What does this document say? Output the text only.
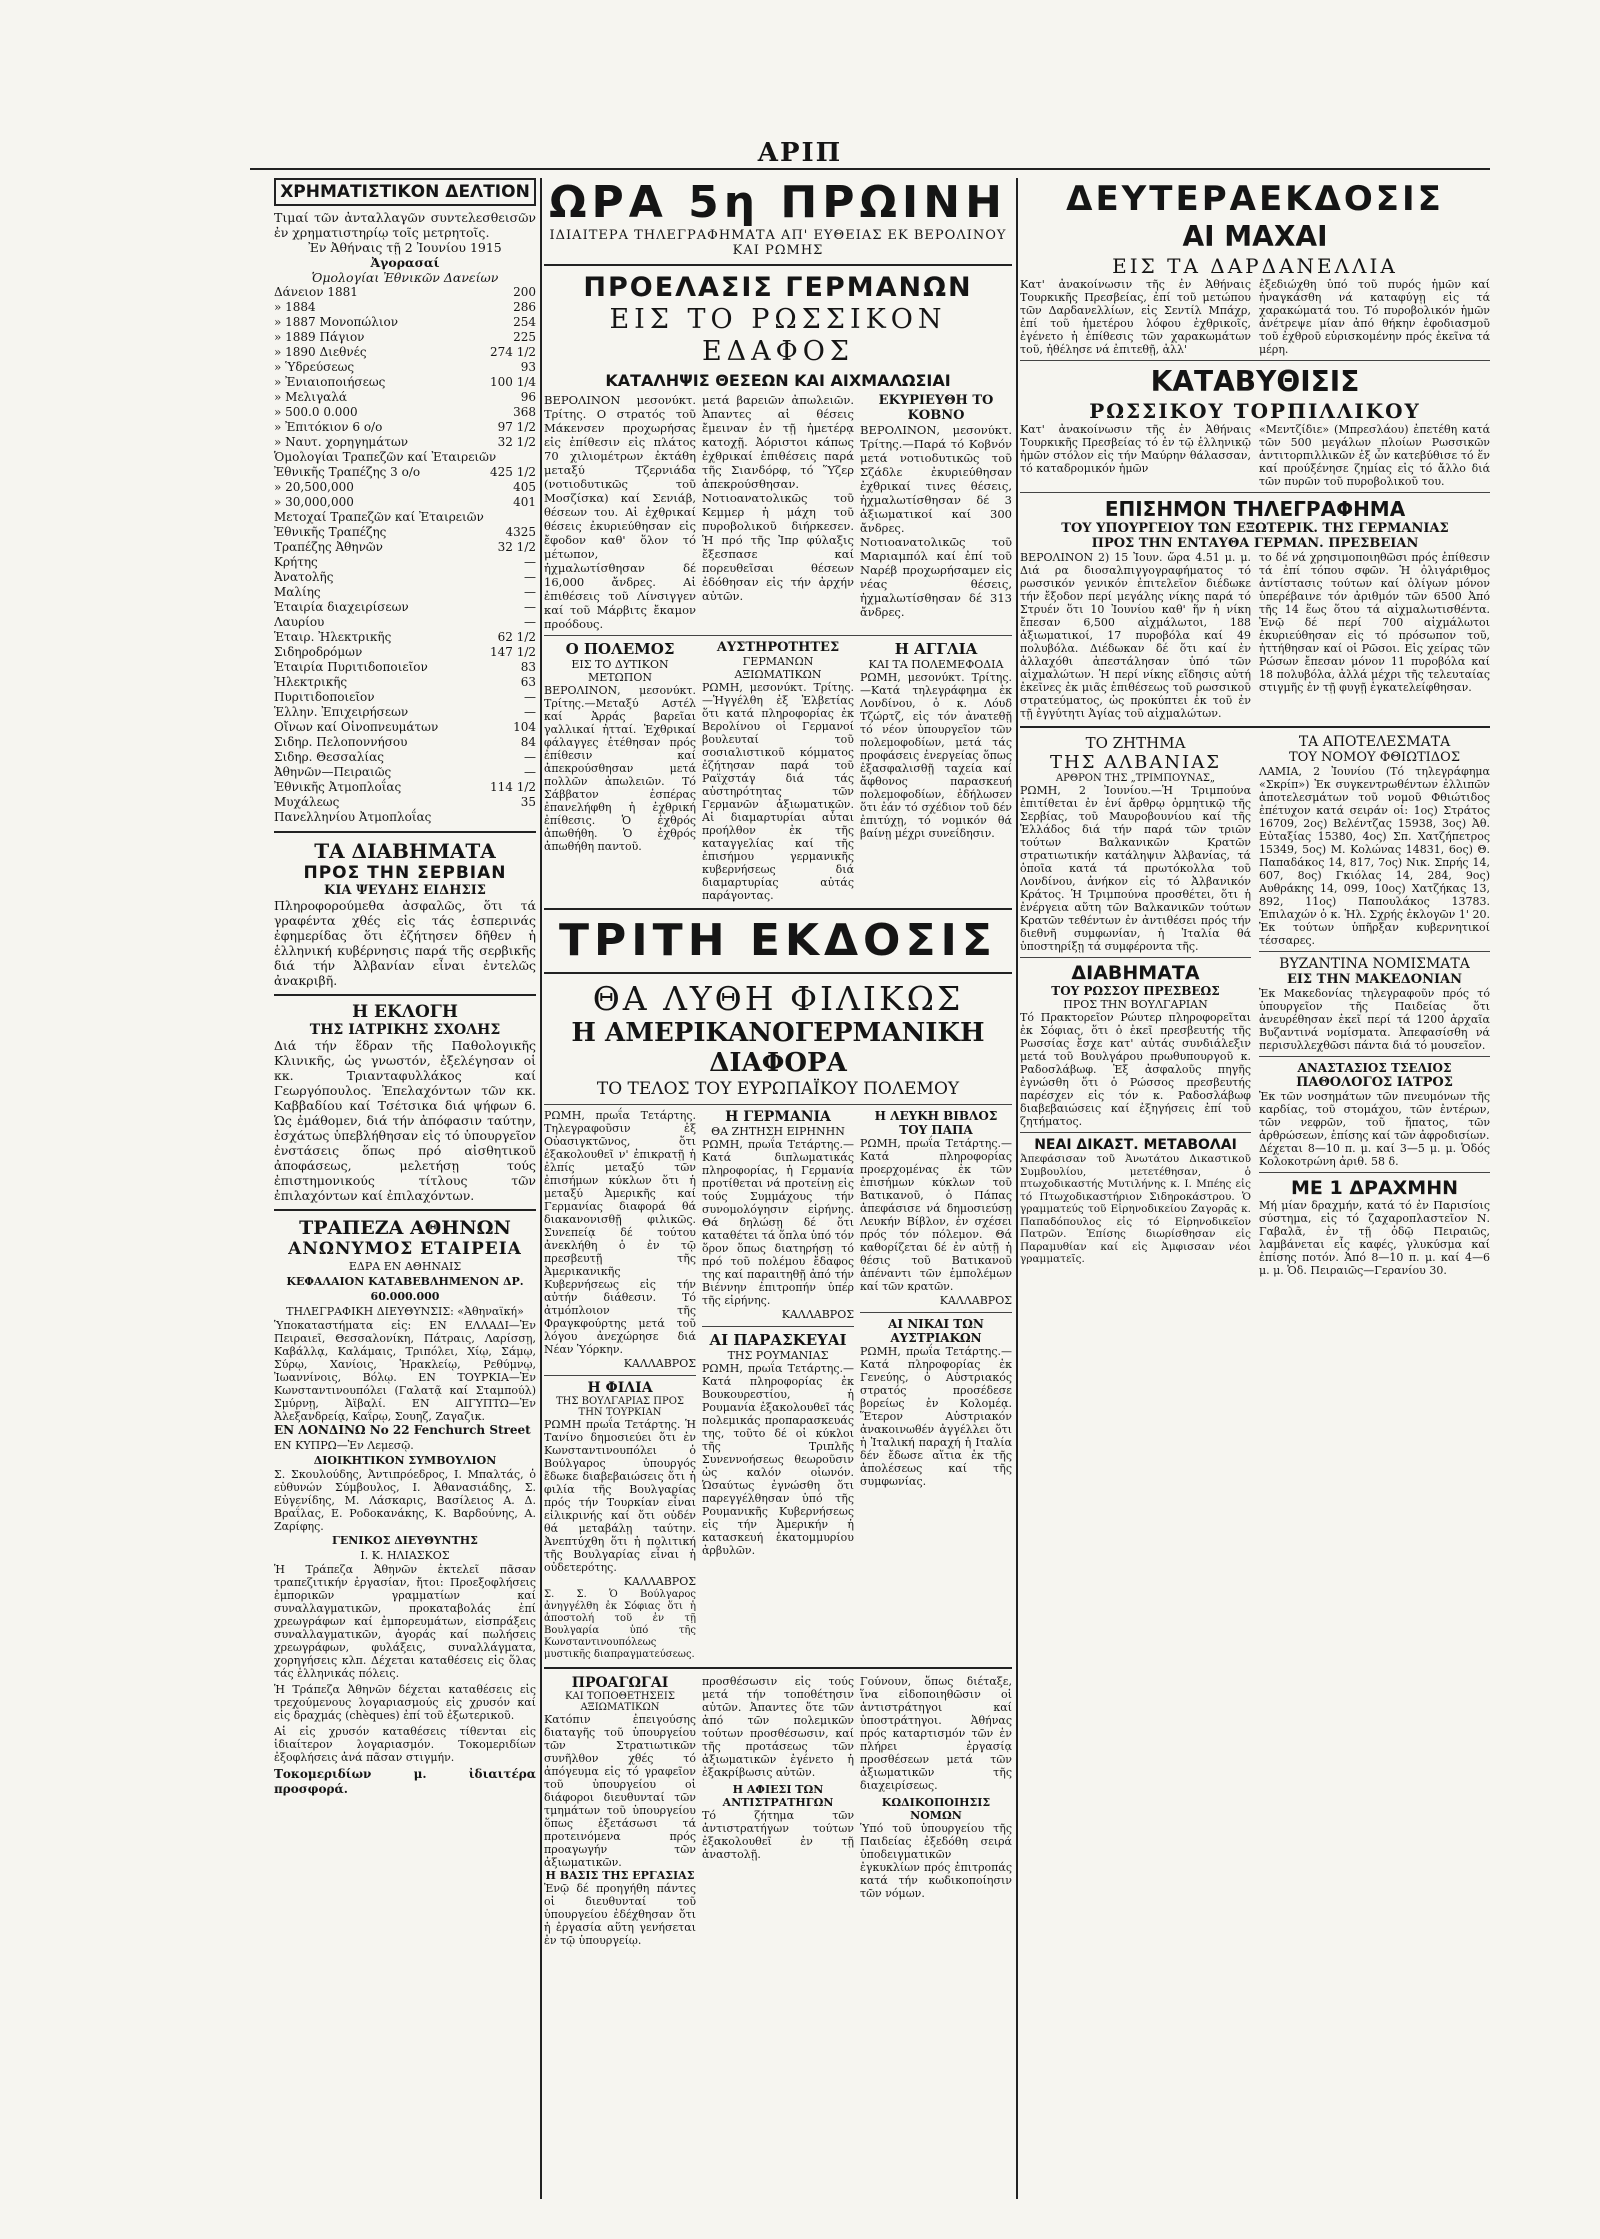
ΑΡΙΠ
ΧΡΗΜΑΤΙΣΤΙΚΟΝ ΔΕΛΤΙΟΝ

Τιμαί τῶν ἀνταλλαγῶν συντελεσθεισῶν ἐν χρηματιστηρίῳ τοῖς μετρητοῖς.

Ἐν Ἀθήναις τῇ 2 Ἰουνίου 1915

Ἀγορασαί

Ὁμολογίαι Ἐθνικῶν Δανείων

Δάνειον 1881	200
» 1884	286
» 1887 Μονοπώλιον	254
» 1889 Πάγιον	225
» 1890 Διεθνές	274 1/2
» Ὑδρεύσεως	93
» Ἐνιαιοποιήσεως	100 1/4
» Μελιγαλά	96
» 500.0 0.000	368
» Ἐπιτόκιον 6 ο/ο	97 1/2
» Ναυτ. χορηγημάτων	32 1/2
Ὁμολογίαι Τραπεζῶν καί Ἐταιρειῶν
Ἐθνικῆς Τραπέζης 3 ο/ο	425 1/2
» 20,500,000	405
» 30,000,000	401
Μετοχαί Τραπεζῶν καί Ἐταιρειῶν
Ἐθνικῆς Τραπέζης	4325
Τραπέζης Ἀθηνῶν	32 1/2
Κρήτης	—
Ἀνατολῆς	—
Μαλίης	—
Ἑταιρία διαχειρίσεων	—
Λαυρίου	—
Ἑταιρ. Ἠλεκτρικῆς	62 1/2
Σιδηροδρόμων	147 1/2
Ἑταιρία Πυριτιδοποιεῖον	83
Ἠλεκτρικῆς	63
Πυριτιδοποιεῖον	—
Ἑλλην. Ἐπιχειρήσεων	—
Οἴνων καί Οἰνοπνευμάτων	104
Σιδηρ. Πελοποννήσου	84
Σιδηρ. Θεσσαλίας	—
Ἀθηνῶν—Πειραιῶς	—
Ἐθνικῆς Ἀτμοπλοΐας	114 1/2
Μυχάλεως	35
Πανελληνίου Ἀτμοπλοΐας
ΤΑ ΔΙΑΒΗΜΑΤΑ
ΠΡΟΣ ΤΗΝ ΣΕΡΒΙΑΝ
ΚΙΑ ΨΕΥΔΗΣ ΕΙΔΗΣΙΣ

Πληροφορούμεθα ἀσφαλῶς, ὅτι τά γραφέντα χθές εἰς τάς ἑσπερινάς ἐφημερίδας ὅτι ἐζήτησεν δῆθεν ἡ ἑλληνική κυβέρνησις παρά τῆς σερβικῆς διά τήν Ἀλβανίαν εἶναι ἐντελῶς ἀνακριβῆ.

Η ΕΚΛΟΓΗ
ΤΗΣ ΙΑΤΡΙΚΗΣ ΣΧΟΛΗΣ

Διά τήν ἕδραν τῆς Παθολογικῆς Κλινικῆς, ὡς γνωστόν, ἐξελέγησαν οἱ κκ. Τριανταφυλλάκος καί Γεωργόπουλος. Ἐπελαχόντων τῶν κκ. Καββαδίου καί Τσέτσικα διά ψήφων 6. Ὡς ἐμάθομεν, διά τήν ἀπόφασιν ταύτην, ἐσχάτως ὑπεβλήθησαν εἰς τό ὑπουργεῖον ἐνστάσεις ὅπως πρό αἰσθητικοῦ ἀποφάσεως, μελετήσῃ τούς ἐπιστημονικούς τίτλους τῶν ἐπιλαχόντων καί ἐπιλαχόντων.

ΤΡΑΠΕΖΑ ΑΘΗΝΩΝ
ΑΝΩΝΥΜΟΣ ΕΤΑΙΡΕΙΑ

ΕΔΡΑ ΕΝ ΑΘΗΝΑΙΣ

ΚΕΦΑΛΑΙΟΝ ΚΑΤΑΒΕΒΛΗΜΕΝΟΝ ΔΡ. 60.000.000

ΤΗΛΕΓΡΑΦΙΚΗ ΔΙΕΥΘΥΝΣΙΣ: «Ἀθηναϊκή»

Ὑποκαταστήματα εἰς: ΕΝ ΕΛΛΑΔΙ—Ἐν Πειραιεῖ, Θεσσαλονίκη, Πάτραις, Λαρίσσῃ, Καβάλλᾳ, Καλάμαις, Τριπόλει, Χίῳ, Σάμῳ, Σύρῳ, Χανίοις, Ἡρακλείῳ, Ρεθύμνῳ, Ἰωαννίνοις, Βόλῳ. ΕΝ ΤΟΥΡΚΙΑ—Ἐν Κωνσταντινουπόλει (Γαλατᾷ καί Σταμπούλ) Σμύρνῃ, Ἀϊβαλί. ΕΝ ΑΙΓΥΠΤΩ—Ἐν Ἀλεξανδρείᾳ, Καΐρῳ, Σουηζ, Ζαγαζικ.

ΕΝ ΛΟΝΔΙΝΩ No 22 Fenchurch Street

ΕΝ ΚΥΠΡΩ—Ἐν Λεμεσῷ.

ΔΙΟΙΚΗΤΙΚΟΝ ΣΥΜΒΟΥΛΙΟΝ

Σ. Σκουλούδης, Ἀντιπρόεδρος, Ι. Μπαλτάς, ὁ εὐθυνών Σύμβουλος, Ι. Ἀθανασιάδης, Σ. Εὐγενίδης, Μ. Λάσκαρις, Βασίλειος Α. Δ. Βραΐλας, Ε. Ροδοκανάκης, Κ. Βαρδούνης, Α. Ζαρίφης.

ΓΕΝΙΚΟΣ ΔΙΕΥΘΥΝΤΗΣ

Ι. Κ. ΗΛΙΑΣΚΟΣ

Ἡ Τράπεζα Ἀθηνῶν ἐκτελεῖ πᾶσαν τραπεζιτικήν ἐργασίαν, ἤτοι: Προεξοφλήσεις ἐμπορικῶν γραμματίων καί συναλλαγματικῶν, προκαταβολάς ἐπί χρεωγράφων καί ἐμπορευμάτων, εἰσπράξεις συναλλαγματικῶν, ἀγοράς καί πωλήσεις χρεωγράφων, φυλάξεις, συναλλάγματα, χορηγήσεις κλπ. Δέχεται καταθέσεις εἰς ὅλας τάς ἑλληνικάς πόλεις.

Ἡ Τράπεζα Ἀθηνῶν δέχεται καταθέσεις εἰς τρεχούμενους λογαριασμούς εἰς χρυσόν καί εἰς δραχμάς (chèques) ἐπί τοῦ ἐξωτερικοῦ.

Αἱ εἰς χρυσόν καταθέσεις τίθενται εἰς ἰδιαίτερον λογαριασμόν. Τοκομεριδίων ἐξοφλήσεις ἀνά πᾶσαν στιγμήν.

Τοκομεριδίων μ. ἰδιαιτέρα προσφορά.

ΩΡΑ 5η ΠΡΩΙΝΗ
ΙΔΙΑΙΤΕΡΑ ΤΗΛΕΓΡΑΦΗΜΑΤΑ ΑΠ' ΕΥΘΕΙΑΣ ΕΚ ΒΕΡΟΛΙΝΟΥ ΚΑΙ ΡΩΜΗΣ
ΠΡΟΕΛΑΣΙΣ ΓΕΡΜΑΝΩΝ
ΕΙΣ ΤΟ ΡΩΣΣΙΚΟΝ ΕΔΑΦΟΣ
ΚΑΤΑΛΗΨΙΣ ΘΕΣΕΩΝ ΚΑΙ ΑΙΧΜΑΛΩΣΙΑΙ

ΒΕΡΟΛΙΝΟΝ μεσονύκτ. Τρίτης. Ο στρατός τοῦ Μάκενσεν προχωρήσας εἰς ἐπίθεσιν εἰς πλάτος 70 χιλιομέτρων ἐκτάθη μεταξύ Τζερνιάδα (νοτιοδυτικῶς τοῦ Μοσζίσκα) καί Σενιάβ, θέσεων του. Αἱ ἐχθρικαί θέσεις ἐκυριεύθησαν εἰς ἔφοδον καθ' ὅλον τό μέτωπον, ἠχμαλωτίσθησαν δέ 16,000 ἄνδρες. Αἱ ἐπιθέσεις τοῦ Λίνσιγγεν καί τοῦ Μάρβιτς ἔκαμον προόδους.

μετά βαρειῶν ἀπωλειῶν. Ἀπαντες αἱ θέσεις ἔμειναν ἐν τῇ ἡμετέρᾳ κατοχῇ. Ἀόριστοι κάπως ἐχθρικαί ἐπιθέσεις παρά τῆς Σιανδόρφ, τό Ὕζερ ἀπεκρούσθησαν. Νοτιοανατολικῶς τοῦ Κεμμερ ἡ μάχη τοῦ πυροβολικοῦ διήρκεσεν. Ἡ πρό τῆς Ἰπρ φύλαξις ἔξεσπασε καί πορευθεῖσαι θέσεων ἐδόθησαν εἰς τήν ἀρχήν αὐτῶν.

ΕΚΥΡΙΕΥΘΗ ΤΟ ΚΟΒΝΟ

ΒΕΡΟΛΙΝΟΝ, μεσονύκτ. Τρίτης.—Παρά τό Κοβνόν μετά νοτιοδυτικῶς τοῦ Σζάδλε ἐκυριεύθησαν ἐχθρικαί τινες θέσεις, ἠχμαλωτίσθησαν δέ 3 ἀξιωματικοί καί 300 ἄνδρες. Νοτιοανατολικῶς τοῦ Μαριαμπόλ καί ἐπί τοῦ Ναρέβ προχωρήσαμεν εἰς νέας θέσεις, ἠχμαλωτίσθησαν δέ 313 ἄνδρες.

Ο ΠΟΛΕΜΟΣ
ΕΙΣ ΤΟ ΔΥΤΙΚΟΝ ΜΕΤΩΠΟΝ

ΒΕΡΟΛΙΝΟΝ, μεσονύκτ. Τρίτης.—Μεταξύ Αστέλ καί Ἀρράς βαρεῖαι γαλλικαί ἠτταί. Ἐχθρικαί φάλαγγες ἐτέθησαν πρός ἐπίθεσιν καί ἀπεκρούσθησαν μετά πολλῶν ἀπωλειῶν. Τό Σάββατον ἐσπέρας ἐπανελήφθη ἡ ἐχθρική ἐπίθεσις. Ὁ ἐχθρός ἀπωθήθη. Ὁ ἐχθρός ἀπωθήθη παντοῦ.

ΑΥΣΤΗΡΟΤΗΤΕΣ
ΓΕΡΜΑΝΩΝ ΑΞΙΩΜΑΤΙΚΩΝ

ΡΩΜΗ, μεσονύκτ. Τρίτης.—Ἡγγέλθη ἐξ Ἑλβετίας ὅτι κατά πληροφορίας ἐκ Βερολίνου οἱ Γερμανοί βουλευταί τοῦ σοσιαλιστικοῦ κόμματος ἐζήτησαν παρά τοῦ Ραϊχστάγ διά τάς αὐστηρότητας τῶν Γερμανῶν ἀξιωματικῶν. Αἱ διαμαρτυρίαι αὗται προήλθον ἐκ τῆς καταγγελίας καί τῆς ἐπισήμου γερμανικῆς κυβερνήσεως διά διαμαρτυρίας αὐτάς παράγοντας.

Η ΑΓΓΛΙΑ
ΚΑΙ ΤΑ ΠΟΛΕΜΕΦΟΔΙΑ

ΡΩΜΗ, μεσονύκτ. Τρίτης.—Κατά τηλεγράφημα ἐκ Λονδίνου, ὁ κ. Λόυδ Τζώρτζ, εἰς τόν ἀνατεθῇ τό νέον ὑπουργεῖον τῶν πολεμοφοδίων, μετά τάς προφάσεις ἐνεργείας ὅπως ἐξασφαλισθῇ ταχεία καί ἄφθονος παρασκευή πολεμοφοδίων, ἐδήλωσεν ὅτι ἐάν τό σχέδιον τοῦ δέν ἐπιτύχῃ, τό νομικόν θά βαίνῃ μέχρι συνείδησιν.

ΤΡΙΤΗ ΕΚΔΟΣΙΣ
ΘΑ ΛΥΘΗ ΦΙΛΙΚΩΣ
Η ΑΜΕΡΙΚΑΝΟΓΕΡΜΑΝΙΚΗ ΔΙΑΦΟΡΑ
ΤΟ ΤΕΛΟΣ ΤΟΥ ΕΥΡΩΠΑΪΚΟΥ ΠΟΛΕΜΟΥ

ΡΩΜΗ, πρωΐα Τετάρτης. Τηλεγραφοῦσιν ἐξ Οὐασιγκτῶνος, ὅτι ἐξακολουθεῖ ν' ἐπικρατῇ ἡ ἐλπίς μεταξύ τῶν ἐπισήμων κύκλων ὅτι ἡ μεταξύ Ἀμερικῆς καί Γερμανίας διαφορά θά διακανονισθῇ φιλικῶς. Συνεπείᾳ δέ τούτου ἀνεκλήθη ὁ ἐν τῷ πρεσβευτῇ τῆς Ἀμερικανικῆς Κυβερνήσεως εἰς τήν αὐτήν διάθεσιν. Τό ἀτμόπλοιον τῆς Φραγκφούρτης μετά τοῦ λόγου ἀνεχώρησε διά Νέαν Ὑόρκην.

ΚΑΛΛΑΒΡΟΣ

Η ΦΙΛΙΑ
ΤΗΣ ΒΟΥΛΓΑΡΙΑΣ ΠΡΟΣ ΤΗΝ ΤΟΥΡΚΙΑΝ

ΡΩΜΗ πρωΐα Τετάρτης. Ἡ Τανίνο δημοσιεύει ὅτι ἐν Κωνσταντινουπόλει ὁ Βούλγαρος ὑπουργός ἔδωκε διαβεβαιώσεις ὅτι ἡ φιλία τῆς Βουλγαρίας πρός τήν Τουρκίαν εἶναι εἰλικρινής καί ὅτι οὐδέν θά μεταβάλῃ ταύτην. Ἀνεπτύχθη ὅτι ἡ πολιτική τῆς Βουλγαρίας εἶναι ἡ οὐδετερότης.

ΚΑΛΛΑΒΡΟΣ

Σ. Σ. Ὁ Βούλγαρος ἀνηγγέλθη ἐκ Σόφιας ὅτι ἡ ἀποστολή τοῦ ἐν τῇ Βουλγαρία ὑπό τῆς Κωνσταντινουπόλεως μυστικῆς διαπραγματεύσεως.

Η ΓΕΡΜΑΝΙΑ
ΘΑ ΖΗΤΗΣΗ ΕΙΡΗΝΗΝ

ΡΩΜΗ, πρωΐα Τετάρτης.—Κατά διπλωματικάς πληροφορίας, ἡ Γερμανία προτίθεται νά προτείνῃ εἰς τούς Συμμάχους τήν συνομολόγησιν εἰρήνης. Θά δηλώσῃ δέ ὅτι καταθέτει τά ὅπλα ὑπό τόν ὅρον ὅπως διατηρήσῃ τό πρό τοῦ πολέμου ἔδαφος της καί παραιτηθῇ ἀπό τήν Βιέννην ἐπιτροπήν ὑπέρ τῆς εἰρήνης.

ΚΑΛΛΑΒΡΟΣ

ΑΙ ΠΑΡΑΣΚΕΥΑΙ
ΤΗΣ ΡΟΥΜΑΝΙΑΣ

ΡΩΜΗ, πρωΐα Τετάρτης.—Κατά πληροφορίας ἐκ Βουκουρεστίου, ἡ Ρουμανία ἐξακολουθεῖ τάς πολεμικάς προπαρασκευάς της, τοῦτο δέ οἱ κύκλοι τῆς Τριπλῆς Συνεννοήσεως θεωροῦσιν ὡς καλόν οἰωνόν. Ὡσαύτως ἐγνώσθη ὅτι παρεγγέλθησαν ὑπό τῆς Ρουμανικῆς Κυβερνήσεως εἰς τήν Ἀμερικήν ἡ κατασκευή ἑκατομμυρίου ἀρβυλῶν.

Η ΛΕΥΚΗ ΒΙΒΛΟΣ ΤΟΥ ΠΑΠΑ

ΡΩΜΗ, πρωΐα Τετάρτης.—Κατά πληροφορίας προερχομένας ἐκ τῶν ἐπισήμων κύκλων τοῦ Βατικανοῦ, ὁ Πάπας ἀπεφάσισε νά δημοσιεύσῃ Λευκήν Βίβλον, ἐν σχέσει πρός τόν πόλεμον. Θά καθορίζεται δέ ἐν αὐτῇ ἡ θέσις τοῦ Βατικανοῦ ἀπέναντι τῶν ἐμπολέμων καί τῶν κρατῶν.

ΚΑΛΛΑΒΡΟΣ

ΑΙ ΝΙΚΑΙ ΤΩΝ ΑΥΣΤΡΙΑΚΩΝ

ΡΩΜΗ, πρωΐα Τετάρτης.—Κατά πληροφορίας ἐκ Γενεύης, ὁ Αὐστριακός στρατός προσέδεσε βορείως ἐν Κολομέᾳ. Ἕτερον Αὐστριακόν ἀνακοινωθέν ἀγγέλλει ὅτι ἡ Ἰταλική παραχή ἡ Ιταλία δέν ἔδωσε αἵτια ἐκ τῆς ἀπολέσεως καί τῆς συμφωνίας.

ΠΡΟΑΓΩΓΑΙ
ΚΑΙ ΤΟΠΟΘΕΤΗΣΕΙΣ ΑΞΙΩΜΑΤΙΚΩΝ

Κατόπιν ἐπειγούσης διαταγῆς τοῦ ὑπουργείου τῶν Στρατιωτικῶν συνῆλθον χθές τό ἀπόγευμα εἰς τό γραφεῖον τοῦ ὑπουργείου οἱ διάφοροι διευθυνταί τῶν τμημάτων τοῦ ὑπουργείου ὅπως ἐξετάσωσι τά προτεινόμενα πρός προαγωγήν τῶν ἀξιωματικῶν.

Η ΒΑΣΙΣ ΤΗΣ ΕΡΓΑΣΙΑΣ

Ἐνῷ δέ προηγήθη πάντες οἱ διευθυνταί τοῦ ὑπουργείου ἐδέχθησαν ὅτι ἡ ἐργασία αὕτη γενήσεται ἐν τῷ ὑπουργείῳ.

προσθέσωσιν εἰς τούς μετά τήν τοποθέτησιν αὐτῶν. Ἀπαντες ὅτε τῶν ἀπό τῶν πολεμικῶν τούτων προσθέσωσιν, καί τῆς προτάσεως τῶν ἀξιωματικῶν ἐγένετο ἡ ἐξακρίβωσις αὐτῶν.

Η ΑΦΙΕΣΙ ΤΩΝ ΑΝΤΙΣΤΡΑΤΗΓΩΝ

Τό ζήτημα τῶν ἀντιστρατήγων τούτων ἐξακολουθεῖ ἐν τῇ ἀναστολῇ.

Γούνουν, ὅπως διέταξε, ἵνα εἰδοποιηθῶσιν οἱ ἀντιστράτηγοι καί ὑποστράτηγοι. Ἀθήνας πρός καταρτισμόν τῶν ἐν πλήρει ἐργασίᾳ προσθέσεων μετά τῶν ἀξιωματικῶν τῆς διαχειρίσεως.

ΚΩΔΙΚΟΠΟΙΗΣΙΣ ΝΟΜΩΝ

Ὑπό τοῦ ὑπουργείου τῆς Παιδείας ἐξεδόθη σειρά ὑποδειγματικῶν ἐγκυκλίων πρός ἐπιτροπάς κατά τήν κωδικοποίησιν τῶν νόμων.

ΔΕΥΤΕΡΑΕΚΔΟΣΙΣ
ΑΙ ΜΑΧΑΙ
ΕΙΣ ΤΑ ΔΑΡΔΑΝΕΛΛΙΑ

Κατ' ἀνακοίνωσιν τῆς ἐν Ἀθήναις Τουρκικῆς Πρεσβείας, ἐπί τοῦ μετώπου τῶν Δαρδανελλίων, εἰς Σεντίλ Μπάχρ, ἐπί τοῦ ἡμετέρου λόφου ἐχθρικοῖς, ἐγένετο ἡ ἐπίθεσις τῶν χαρακωμάτων τοῦ, ἠθέλησε νά ἐπιτεθῇ, ἀλλ'

ἐξεδιώχθη ὑπό τοῦ πυρός ἡμῶν καί ἠναγκάσθη νά καταφύγῃ εἰς τά χαρακώματά του. Τό πυροβολικόν ἡμῶν ἀνέτρεψε μίαν ἀπό θήκην ἐφοδιασμοῦ τοῦ ἐχθροῦ εὑρισκομένην πρός ἐκεῖνα τά μέρη.

ΚΑΤΑΒΥΘΙΣΙΣ
ΡΩΣΣΙΚΟΥ ΤΟΡΠΙΛΛΙΚΟΥ

Κατ' ἀνακοίνωσιν τῆς ἐν Ἀθήναις Τουρκικῆς Πρεσβείας τό ἐν τῷ ἐλληνικῷ ἡμῶν στόλον εἰς τήν Μαύρην θάλασσαν, τό καταδρομικόν ἡμῶν

«Μεντζίδιε» (Μπρεσλάου) ἐπετέθη κατά τῶν 500 μεγάλων πλοίων Ρωσσικῶν ἀντιτορπιλλικῶν ἐξ ὧν κατεβύθισε τό ἕν καί προύξένησε ζημίας εἰς τό ἄλλο διά τῶν πυρῶν τοῦ πυροβολικοῦ του.

ΕΠΙΣΗΜΟΝ ΤΗΛΕΓΡΑΦΗΜΑ
ΤΟΥ ΥΠΟΥΡΓΕΙΟΥ ΤΩΝ ΕΞΩΤΕΡΙΚ. ΤΗΣ ΓΕΡΜΑΝΙΑΣ
ΠΡΟΣ ΤΗΝ ΕΝΤΑΥΘΑ ΓΕΡΜΑΝ. ΠΡΕΣΒΕΙΑΝ

ΒΕΡΟΛΙΝΟΝ 2) 15 Ἰουν. ὥρα 4.51 μ. μ. Διά ρα διοσαλπιγγογραφήματος τό ρωσσικόν γενικόν ἐπιτελεῖον διέδωκε τήν ἔξοδον περί μεγάλης νίκης παρά τό Στρυέν ὅτι 10 Ἰουνίου καθ' ἥν ἡ νίκη ἔπεσαν 6,500 αἰχμάλωτοι, 188 ἀξιωματικοί, 17 πυροβόλα καί 49 πολυβόλα. Διέδωκαν δέ ὅτι καί ἐν ἀλλαχόθι ἀπεστάλησαν ὑπό τῶν αἰχμαλώτων. Ἡ περί νίκης εἴδησις αὐτή ἐκεῖνες ἐκ μιᾶς ἐπιθέσεως τοῦ ρωσσικοῦ στρατεύματος, ὡς προκύπτει ἐκ τοῦ ἐν τῇ ἐγγύτητι Ἀγίας τοῦ αἰχμαλώτων.

το δέ νά χρησιμοποιηθῶσι πρός ἐπίθεσιν τά ἐπί τόπου σφῶν. Ἡ ὀλιγάριθμος ἀντίστασις τούτων καί ὀλίγων μόνον ὑπερέβαινε τόν ἀριθμόν τῶν 6500 Ἀπό τῆς 14 ἕως ὅτου τά αἰχμαλωτισθέντα. Ἐνῷ δέ περί 700 αἰχμάλωτοι ἐκυριεύθησαν εἰς τό πρόσωπον τοῦ, ἠττήθησαν καί οἱ Ρῶσοι. Εἰς χείρας τῶν Ρώσων ἔπεσαν μόνον 11 πυροβόλα καί 18 πολυβόλα, ἀλλά μέχρι τῆς τελευταίας στιγμῆς ἐν τῇ φυγῇ ἐγκατελείφθησαν.

ΤΟ ΖΗΤΗΜΑ
ΤΗΣ ΑΛΒΑΝΙΑΣ
ΑΡΘΡΟΝ ΤΗΣ „ΤΡΙΜΠΟΥΝΑΣ„

ΡΩΜΗ, 2 Ἰουνίου.—Ἡ Τριμπούνα ἐπιτίθεται ἐν ἑνί ἄρθρῳ ὁρμητικῷ τῆς Σερβίας, τοῦ Μαυροβουνίου καί τῆς Ἑλλάδος διά τήν παρά τῶν τριῶν τούτων Βαλκανικῶν Κρατῶν στρατιωτικήν κατάληψιν Ἀλβανίας, τά ὁποῖα κατά τά πρωτόκολλα τοῦ Λονδίνου, ἀνήκον εἰς τό Ἀλβανικόν Κράτος. Ἡ Τριμπούνα προσθέτει, ὅτι ἡ ἐνέργεια αὕτη τῶν Βαλκανικῶν τούτων Κρατῶν τεθέντων ἐν ἀντιθέσει πρός τήν διεθνῆ συμφωνίαν, ἡ Ἰταλία θά ὑποστηρίξῃ τά συμφέροντα τῆς.

ΔΙΑΒΗΜΑΤΑ
ΤΟΥ ΡΩΣΣΟΥ ΠΡΕΣΒΕΩΣ
ΠΡΟΣ ΤΗΝ ΒΟΥΛΓΑΡΙΑΝ

Τό Πρακτορεῖον Ρώυτερ πληροφορεῖται ἐκ Σόφιας, ὅτι ὁ ἐκεῖ πρεσβευτής τῆς Ρωσσίας ἔσχε κατ' αὐτάς συνδιάλεξιν μετά τοῦ Βουλγάρου πρωθυπουργοῦ κ. Ραδοσλάβωφ. Ἐξ ἀσφαλοῦς πηγῆς ἐγνώσθη ὅτι ὁ Ρώσσος πρεσβευτής παρέσχεν εἰς τόν κ. Ραδοσλάβωφ διαβεβαιώσεις καί ἐξηγήσεις ἐπί τοῦ ζητήματος.

ΝΕΑΙ ΔΙΚΑΣΤ. ΜΕΤΑΒΟΛΑΙ

Ἀπεφάσισαν τοῦ Ἀνωτάτου Δικαστικοῦ Συμβουλίου, μετετέθησαν, ὁ πτωχοδικαστής Μυτιλήνης κ. Ι. Μπέης εἰς τό Πτωχοδικαστήριον Σιδηροκάστρου. Ὁ γραμματεύς τοῦ Εἰρηνοδικείου Ζαγορᾶς κ. Παπαδόπουλος εἰς τό Εἰρηνοδικεῖον Πατρῶν. Ἐπίσης διωρίσθησαν εἰς Παραμυθίαν καί εἰς Ἀμφισσαν νέοι γραμματεῖς.

ΤΑ ΑΠΟΤΕΛΕΣΜΑΤΑ
ΤΟΥ ΝΟΜΟΥ ΦΘΙΩΤΙΔΟΣ

ΛΑΜΙΑ, 2 Ἰουνίου (Τό τηλεγράφημα «Σκρίπ») Ἐκ συγκεντρωθέντων ἐλλιπῶν ἀποτελεσμάτων τοῦ νομοῦ Φθιώτιδος ἐπέτυχον κατά σειράν οἱ: 1ος) Στράτος 16709, 2ος) Βελέντζας 15938, 3ος) Ἀθ. Εὐταξίας 15380, 4ος) Σπ. Χατζήπετρος 15349, 5ος) Μ. Κολώνας 14831, 6ος) Θ. Παπαδάκος 14, 817, 7ος) Νικ. Σπρής 14, 607, 8ος) Γκιόλας 14, 284, 9ος) Αυθράκης 14, 099, 10ος) Χατζήκας 13, 892, 11ος) Παπουλάκος 13783. Ἐπιλαχών ὁ κ. Ἡλ. Σχρής ἐκλογῶν 1' 20. Ἐκ τούτων ὑπῆρξαν κυβερνητικοί τέσσαρες.

ΒΥΖΑΝΤΙΝΑ ΝΟΜΙΣΜΑΤΑ
ΕΙΣ ΤΗΝ ΜΑΚΕΔΟΝΙΑΝ

Ἐκ Μακεδονίας τηλεγραφοῦν πρός τό ὑπουργεῖον τῆς Παιδείας ὅτι ἀνευρέθησαν ἐκεῖ περί τά 1200 ἀρχαῖα Βυζαντινά νομίσματα. Ἀπεφασίσθη νά περισυλλεχθῶσι πάντα διά τό μουσεῖον.

ΑΝΑΣΤΑΣΙΟΣ ΤΣΕΛΙΟΣ
ΠΑΘΟΛΟΓΟΣ ΙΑΤΡΟΣ

Ἐκ τῶν νοσημάτων τῶν πνευμόνων τῆς καρδίας, τοῦ στομάχου, τῶν ἐντέρων, τῶν νεφρῶν, τοῦ ἥπατος, τῶν ἀρθρώσεων, ἐπίσης καί τῶν ἀφροδισίων.

Δέχεται 8—10 π. μ. καί 3—5 μ. μ. Ὁδός Κολοκοτρώνη ἀριθ. 58 δ.

ΜΕ 1 ΔΡΑΧΜΗΝ

Μή μίαν δραχμήν, κατά τό ἐν Παρισίοις σύστημα, εἰς τό ζαχαροπλαστεῖον Ν. Γαβαλᾶ, ἐν τῇ ὁδῷ Πειραιῶς, λαμβάνεται εἷς καφές, γλυκύσμα καί ἐπίσης ποτόν. Ἀπό 8—10 π. μ. καί 4—6 μ. μ. Ὁδ. Πειραιῶς—Γερανίου 30.
